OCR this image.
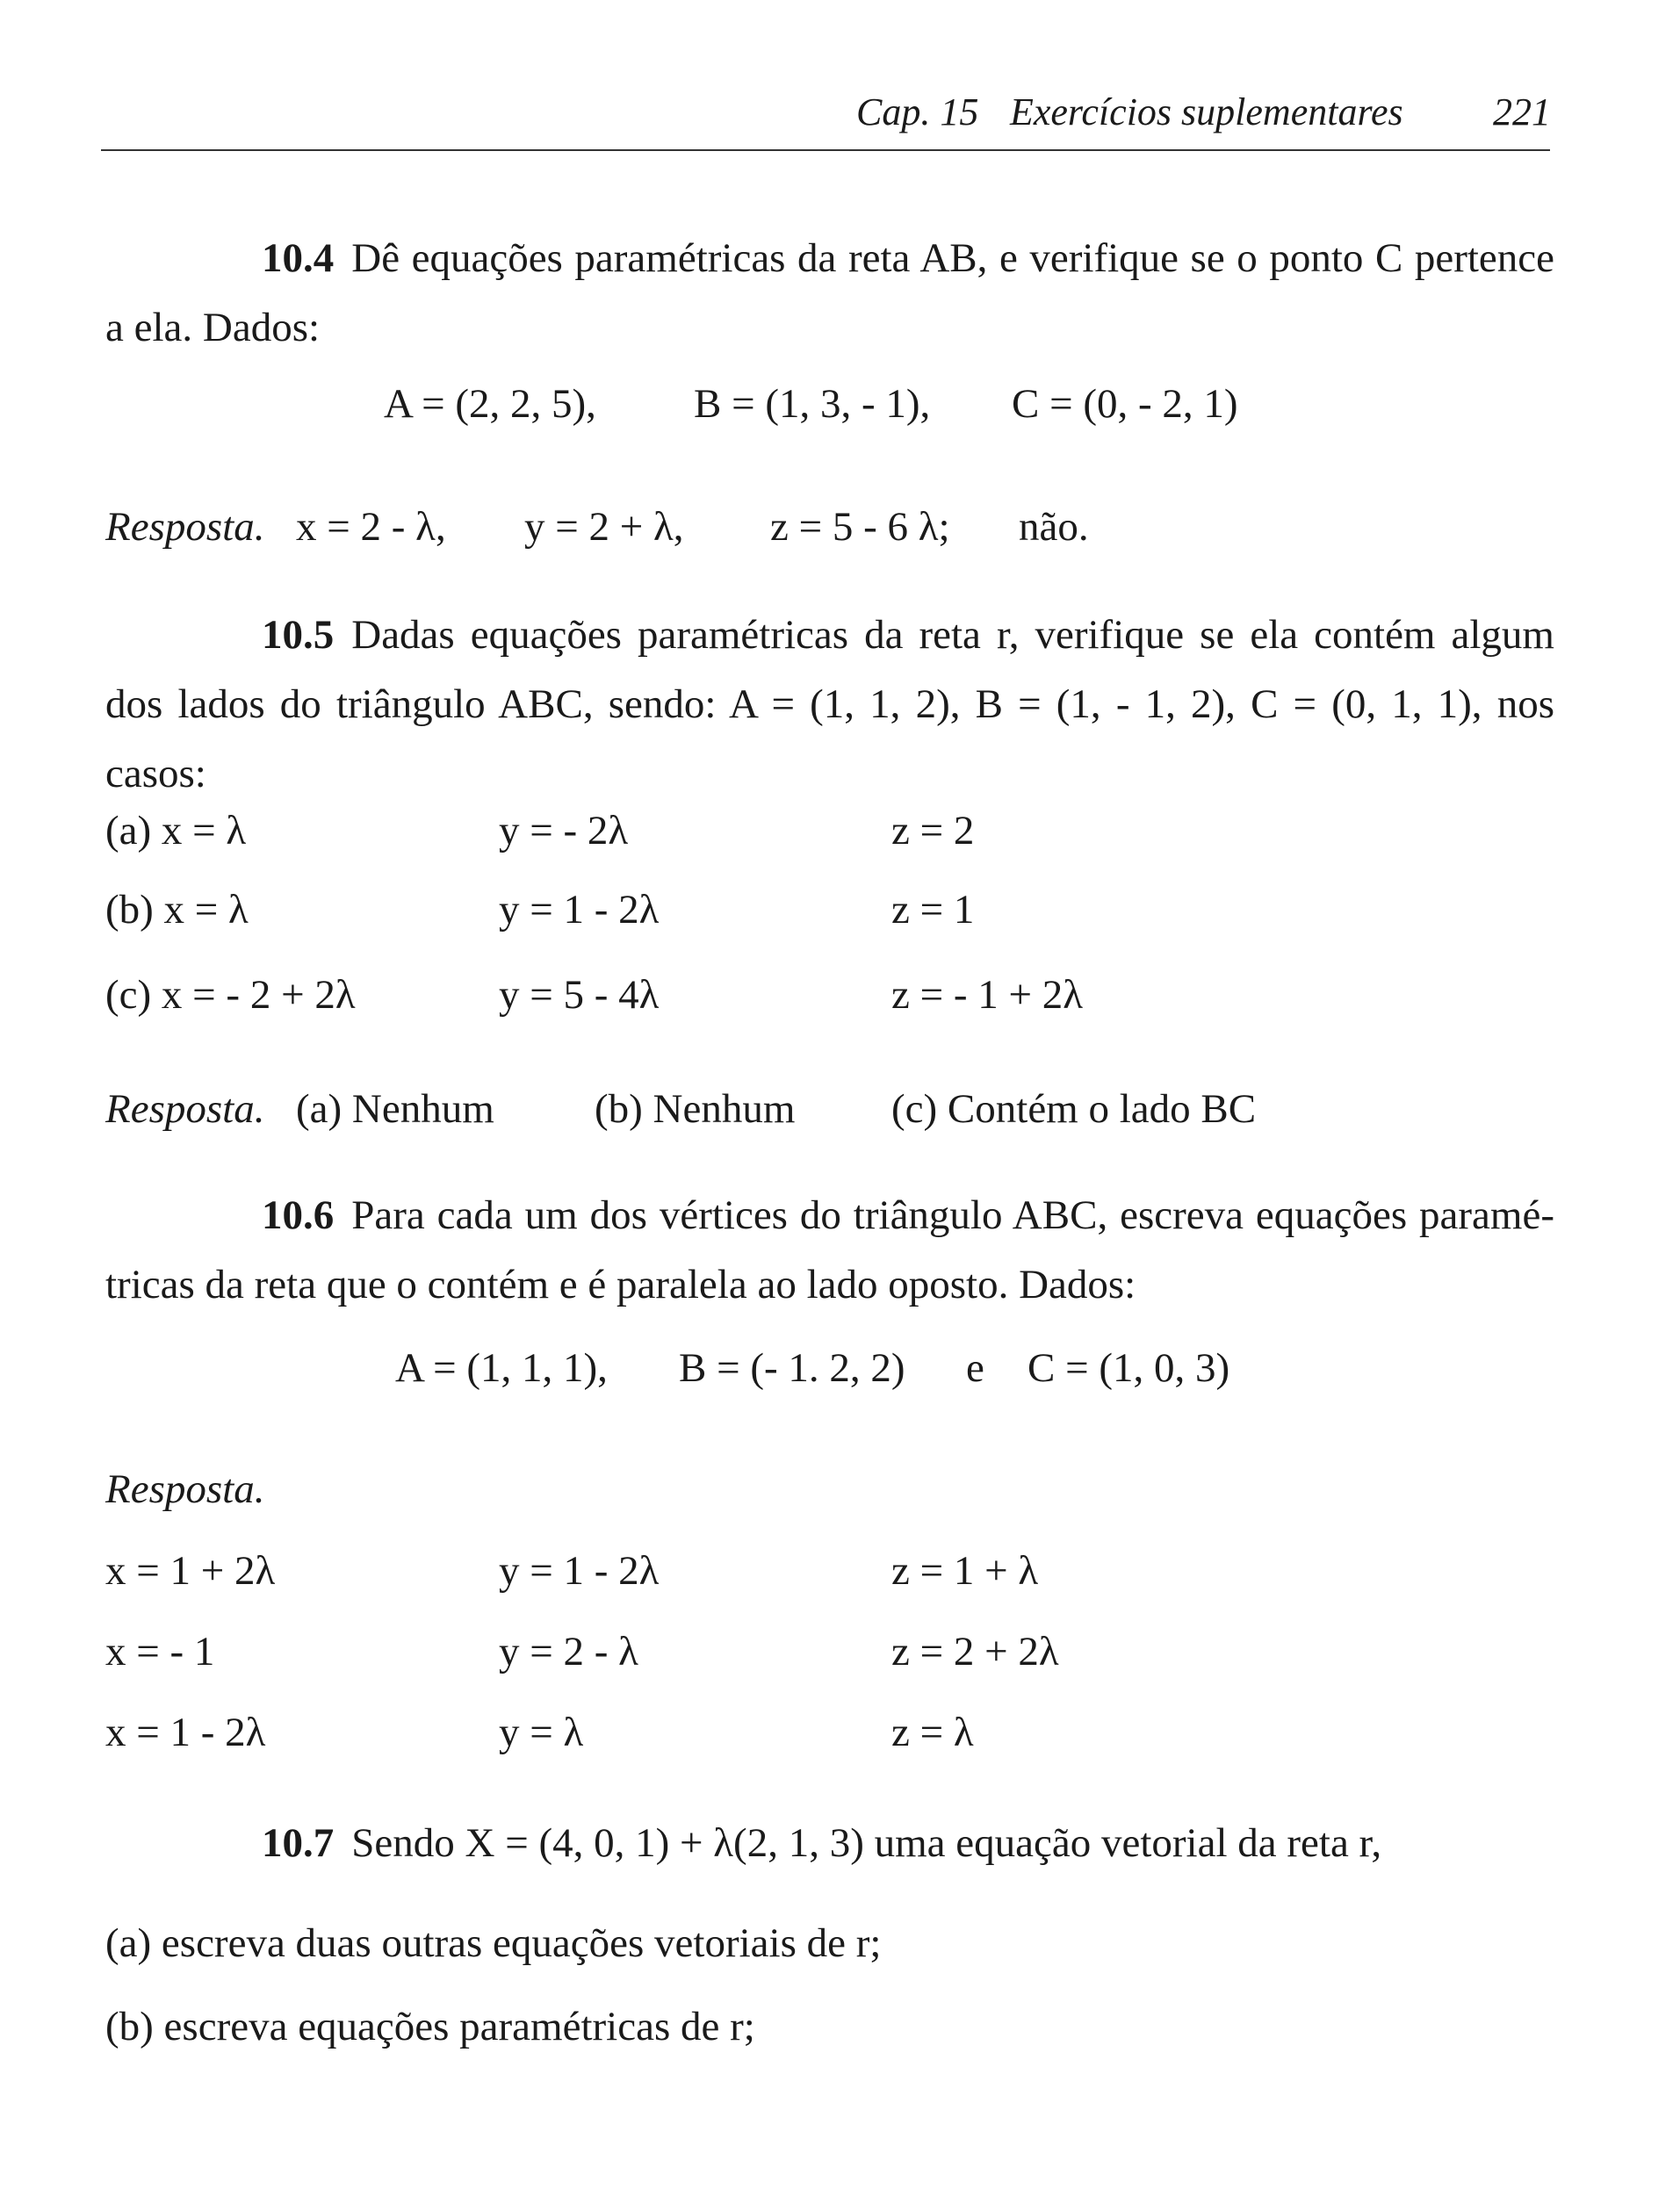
Cap. 15 Exercícios suplementares 221
10.4 Dê equações paramétricas da reta AB, e verifique se o ponto C pertence a ela. Dados:
A = (2, 2, 5), B = (1, 3, - 1), C = (0, - 2, 1)
Resposta. x = 2 - λ, y = 2 + λ, z = 5 - 6 λ; não.
10.5 Dadas equações paramétricas da reta r, verifique se ela contém algum dos lados do triângulo ABC, sendo: A = (1, 1, 2), B = (1, - 1, 2), C = (0, 1, 1), nos casos:
(a) x = λ	y = - 2λ	z = 2
(b) x = λ	y = 1 - 2λ	z = 1
(c) x = - 2 + 2λ	y = 5 - 4λ	z = - 1 + 2λ
Resposta. (a) Nenhum (b) Nenhum (c) Contém o lado BC
10.6 Para cada um dos vértices do triângulo ABC, escreva equações paramé- tricas da reta que o contém e é paralela ao lado oposto. Dados:
A = (1, 1, 1), B = (- 1. 2, 2) e C = (1, 0, 3)
Resposta.
x = 1 + 2λ	y = 1 - 2λ	z = 1 + λ
x = - 1	y = 2 - λ	z = 2 + 2λ
x = 1 - 2λ	y = λ	z = λ
10.7 Sendo X = (4, 0, 1) + λ(2, 1, 3) uma equação vetorial da reta r,
(a) escreva duas outras equações vetoriais de r;
(b) escreva equações paramétricas de r;
